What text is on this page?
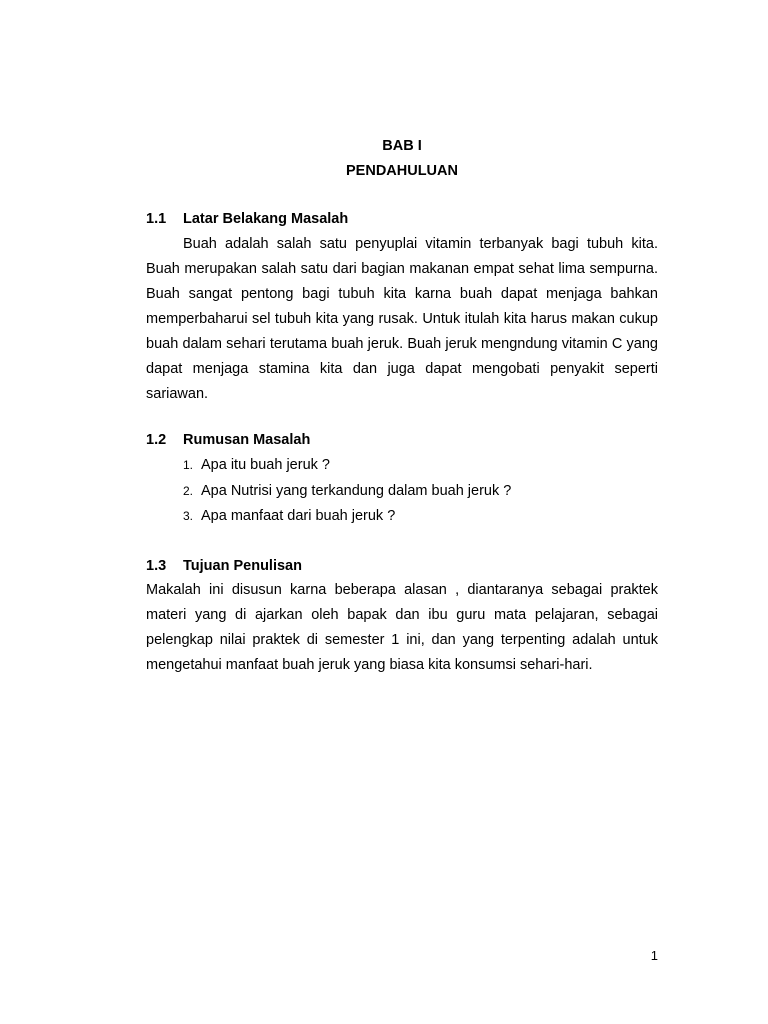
BAB I
PENDAHULUAN
1.1 Latar Belakang Masalah

Buah adalah salah satu penyuplai vitamin terbanyak bagi tubuh kita. Buah merupakan salah satu dari bagian makanan empat sehat lima sempurna. Buah sangat pentong bagi tubuh kita karna buah dapat menjaga bahkan memperbaharui sel tubuh kita yang rusak. Untuk itulah kita harus makan cukup buah dalam sehari terutama buah jeruk. Buah jeruk mengndung vitamin C yang dapat menjaga stamina kita dan juga dapat mengobati penyakit seperti sariawan.

1.2 Rumusan Masalah
1. Apa itu buah jeruk ?
2. Apa Nutrisi yang terkandung dalam buah jeruk ?
3. Apa manfaat dari buah jeruk ?
1.3 Tujuan Penulisan

Makalah ini disusun karna beberapa alasan , diantaranya sebagai praktek materi yang di ajarkan oleh bapak dan ibu guru mata pelajaran, sebagai pelengkap nilai praktek di semester 1 ini, dan yang terpenting adalah untuk mengetahui manfaat buah jeruk yang biasa kita konsumsi sehari-hari.

1
